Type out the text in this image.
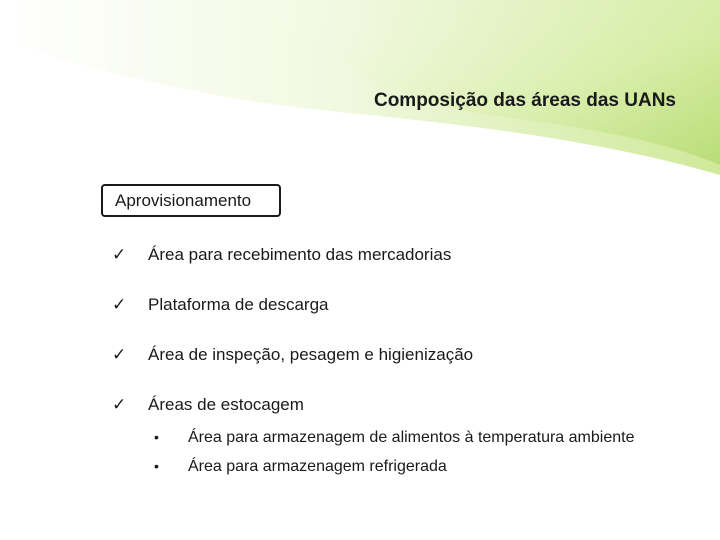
Composição das áreas das UANs
Aprovisionamento
✓	Área para recebimento das mercadorias
✓	Plataforma de descarga
✓	Área de inspeção, pesagem e higienização
✓	Áreas de estocagem
•	Área para armazenagem de alimentos à temperatura ambiente
•	Área para armazenagem refrigerada
